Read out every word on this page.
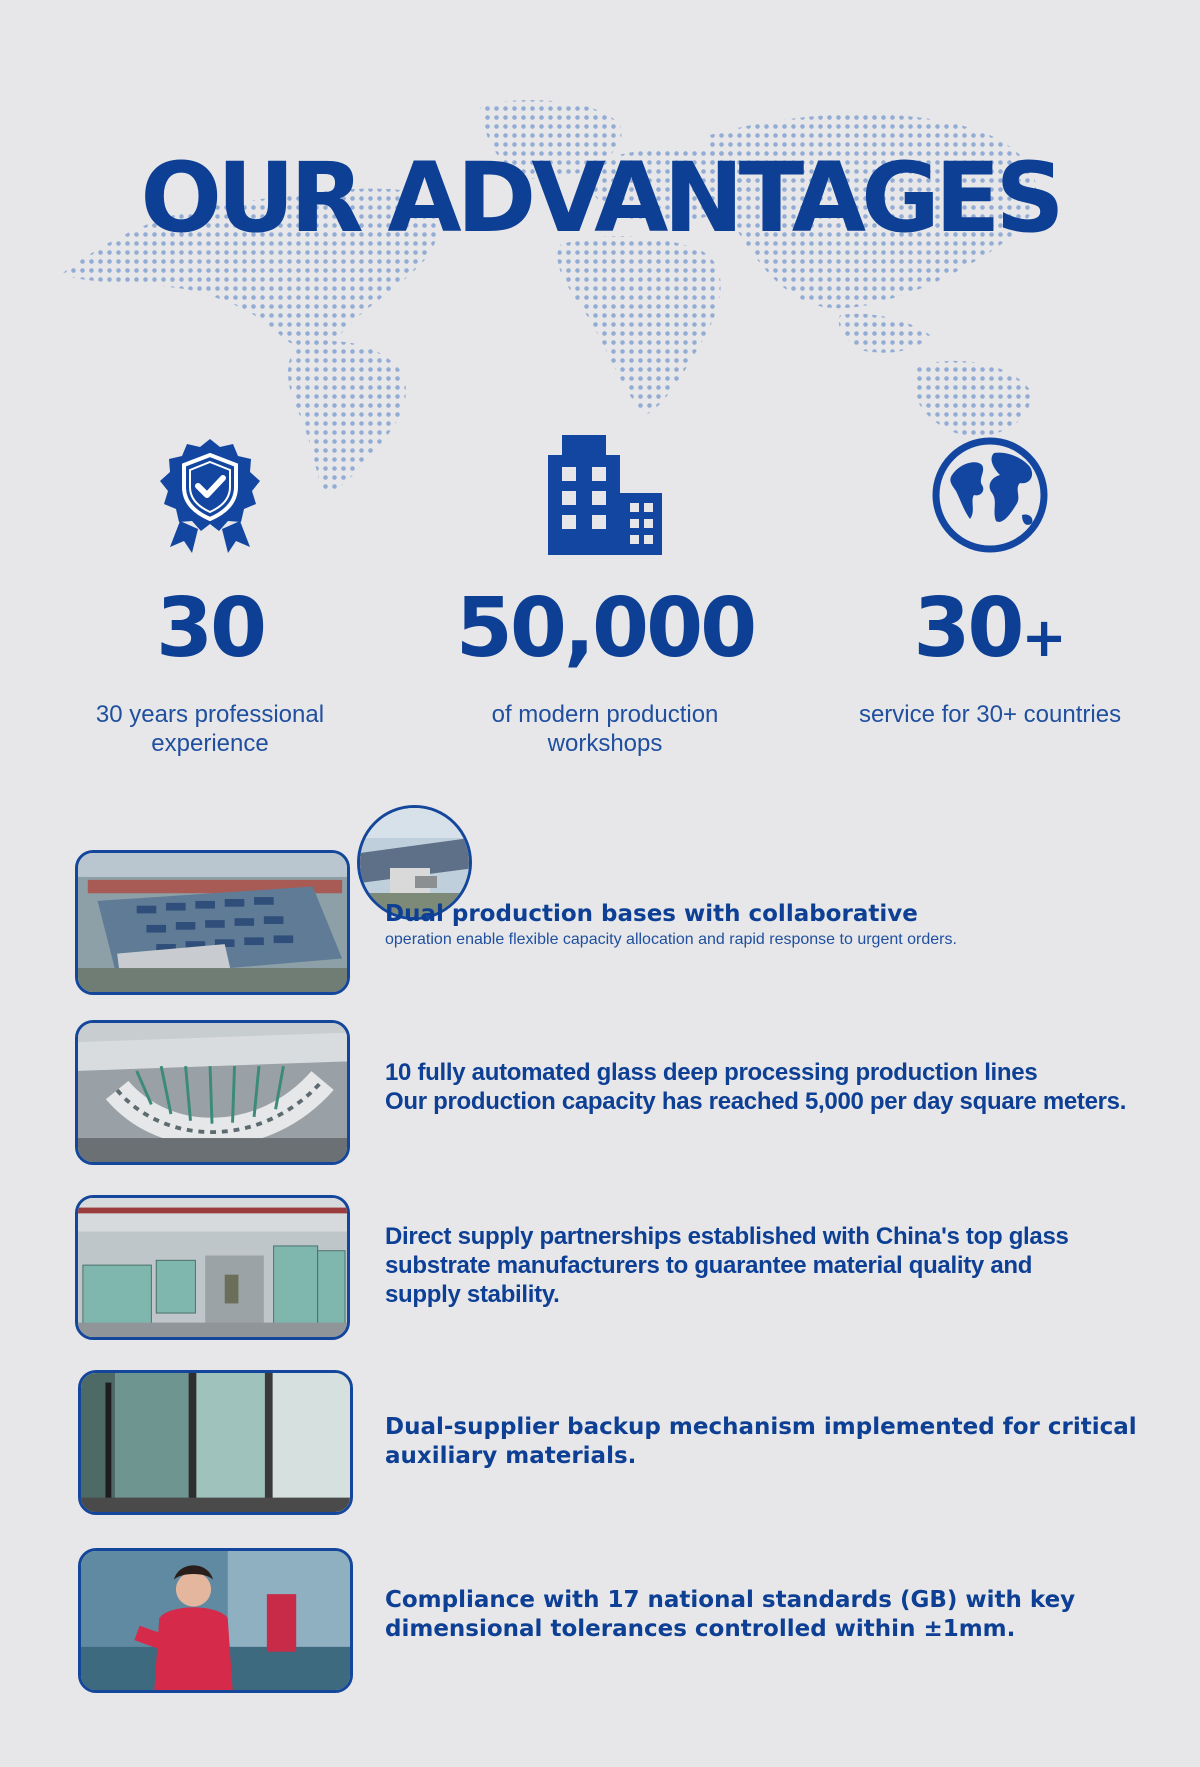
OUR ADVANTAGES
30
30 years professional experience
50,000
of modern production workshops
30+
service for 30+ countries
Dual production bases with collaborative
operation enable flexible capacity allocation and rapid response to urgent orders.
10 fully automated glass deep processing production lines
Our production capacity has reached 5,000 per day square meters.
Direct supply partnerships established with China's top glass
substrate manufacturers to guarantee material quality and
supply stability.
Dual-supplier backup mechanism implemented for critical
auxiliary materials.
Compliance with 17 national standards (GB) with key
dimensional tolerances controlled within ±1mm.
